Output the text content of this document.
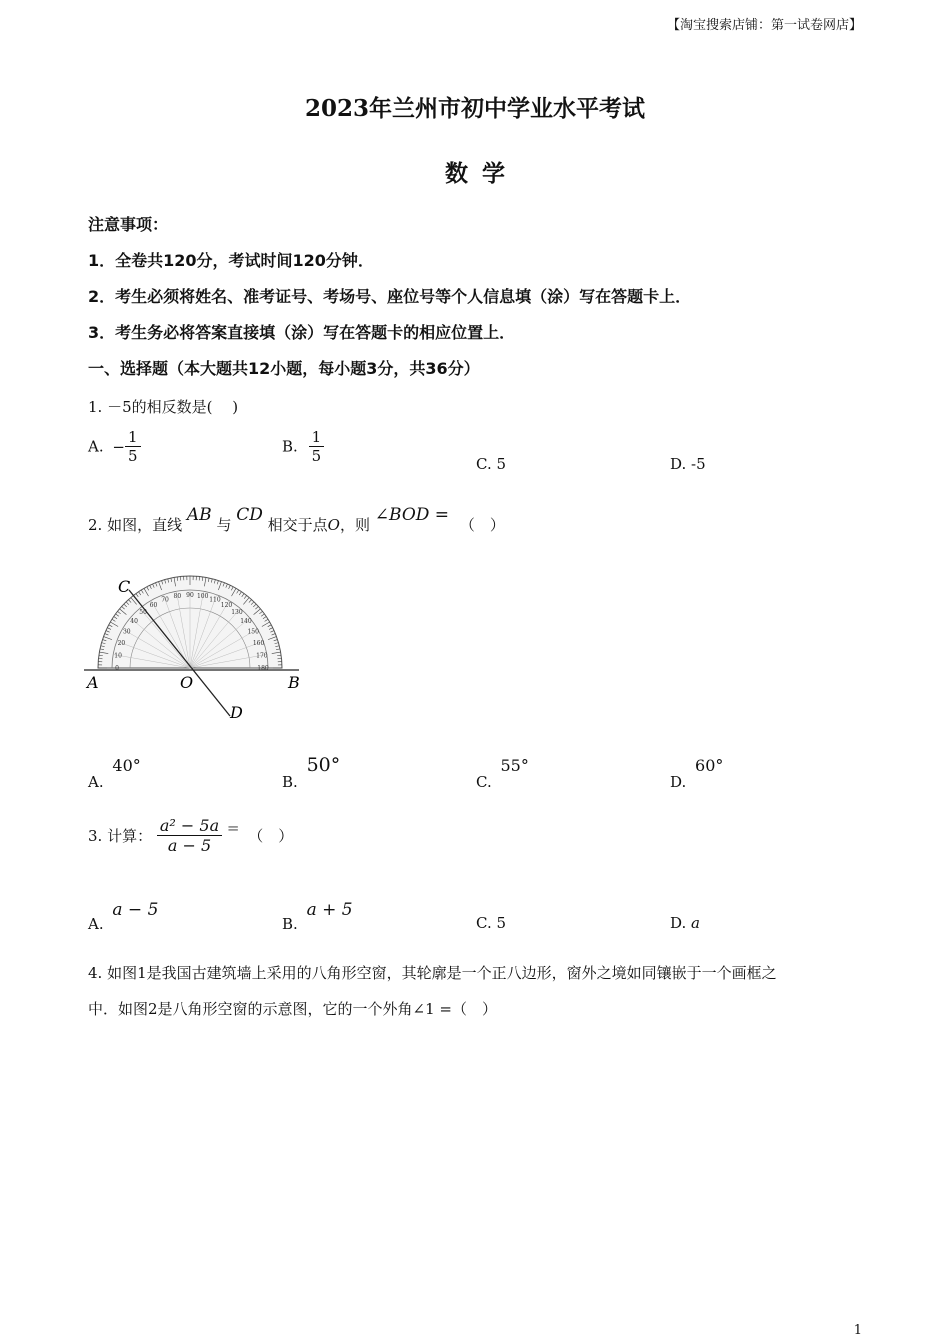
【淘宝搜索店铺：第一试卷网店】
2023年兰州市初中学业水平考试
数学
注意事项：
1．全卷共120分，考试时间120分钟．
2．考生必须将姓名、准考证号、考场号、座位号等个人信息填（涂）写在答题卡上．
3．考生务必将答案直接填（涂）写在答题卡的相应位置上．
一、选择题（本大题共12小题，每小题3分，共36分）
1. －5的相反数是(　 )
A. − $\frac{1}{5}$	B. $\frac{1}{5}$	C. 5	D. -5
2. 如图，直线 AB 与 CD 相交于点O，则 ∠BOD = （　）
180
170
160
150
140
130
120
110
100
90
80
70
60
50
40
30
20
10
0
A	O	B
C
D
A. 40°
B. 50°
C. 55°
D. 60°
3. 计算： $\frac{\text{a² − 5a}}{a - 5}$ = （　）
A. a − 5
B. a + 5
C. 5	D. a
4. 如图1是我国古建筑墙上采用的八角形空窗，其轮廓是一个正八边形，窗外之境如同镶嵌于一个画框之
中．如图2是八角形空窗的示意图，它的一个外角∠1 =（　）
1
